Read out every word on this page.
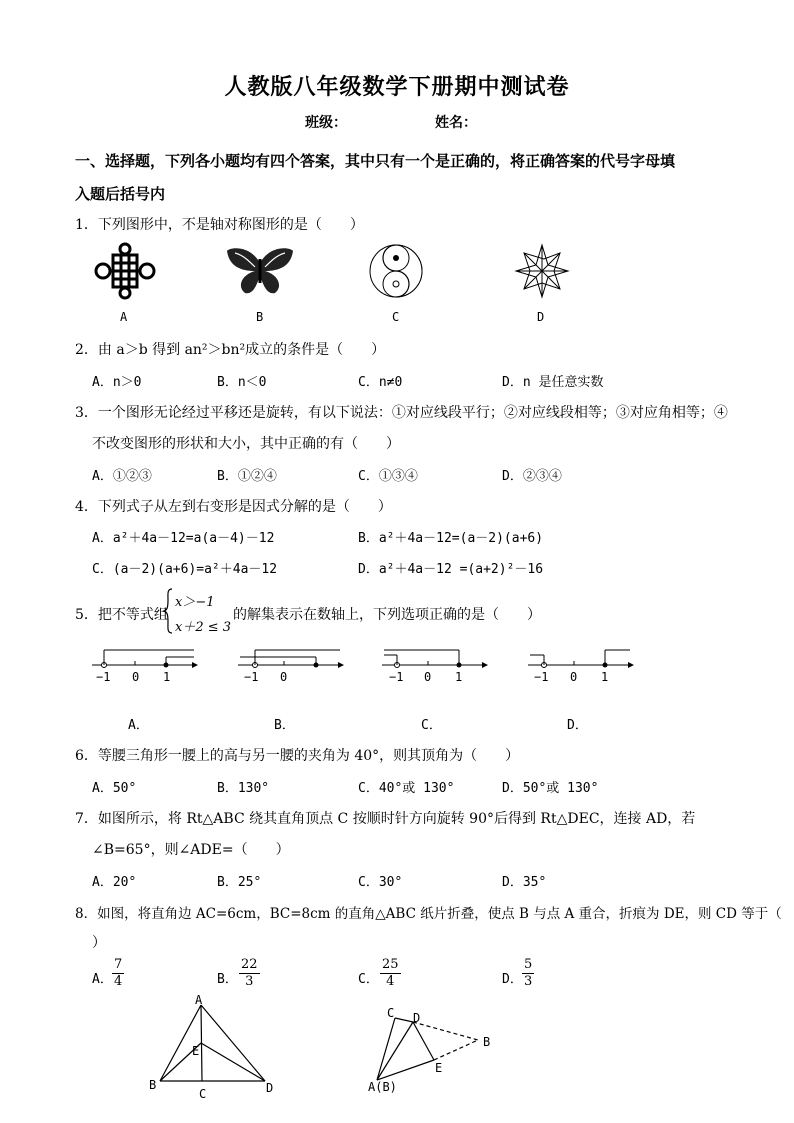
人教版八年级数学下册期中测试卷
班级：	姓名：
一、选择题，下列各小题均有四个答案，其中只有一个是正确的，将正确答案的代号字母填
入题后括号内
1．下列图形中，不是轴对称图形的是（　　）
A	B	C	D
2．由 a＞b 得到 an²＞bn²成立的条件是（　　）
A．n＞0	B．n＜0	C．n≠0	D．n 是任意实数
3．一个图形无论经过平移还是旋转，有以下说法：①对应线段平行；②对应线段相等；③对应角相等；④
不改变图形的形状和大小，其中正确的有（　　）
A．①②③	B．①②④	C．①③④	D．②③④
4．下列式子从左到右变形是因式分解的是（　　）
A．a²＋4a－12=a(a－4)－12	B．a²＋4a－12=(a－2)(a+6)
C．(a－2)(a+6)=a²＋4a－12	D．a²＋4a－12 =(a+2)²－16
5．把不等式组
x＞−1
x＋2 ≤ 3
的解集表示在数轴上，下列选项正确的是（　　）
−1 0 1	−1 0	−1 0 1	−1 0 1
A．	B．	C．	D．
6．等腰三角形一腰上的高与另一腰的夹角为 40°，则其顶角为（　　）
A．50°	B．130°	C．40°或 130°	D．50°或 130°
7．如图所示，将 Rt△ABC 绕其直角顶点 C 按顺时针方向旋转 90°后得到 Rt△DEC，连接 AD，若
∠B=65°，则∠ADE=（　　）
A．20°	B．25°	C．30°	D．35°
8．如图，将直角边 AC=6cm，BC=8cm 的直角△ABC 纸片折叠，使点 B 与点 A 重合，折痕为 DE，则 CD 等于（
）
A． $\frac{7}{4}$	B． $\frac{22}{3}$	C． $\frac{25}{4}$	D． $\frac{5}{3}$
A
B
C	D
E
C D
B
E
A(B)
